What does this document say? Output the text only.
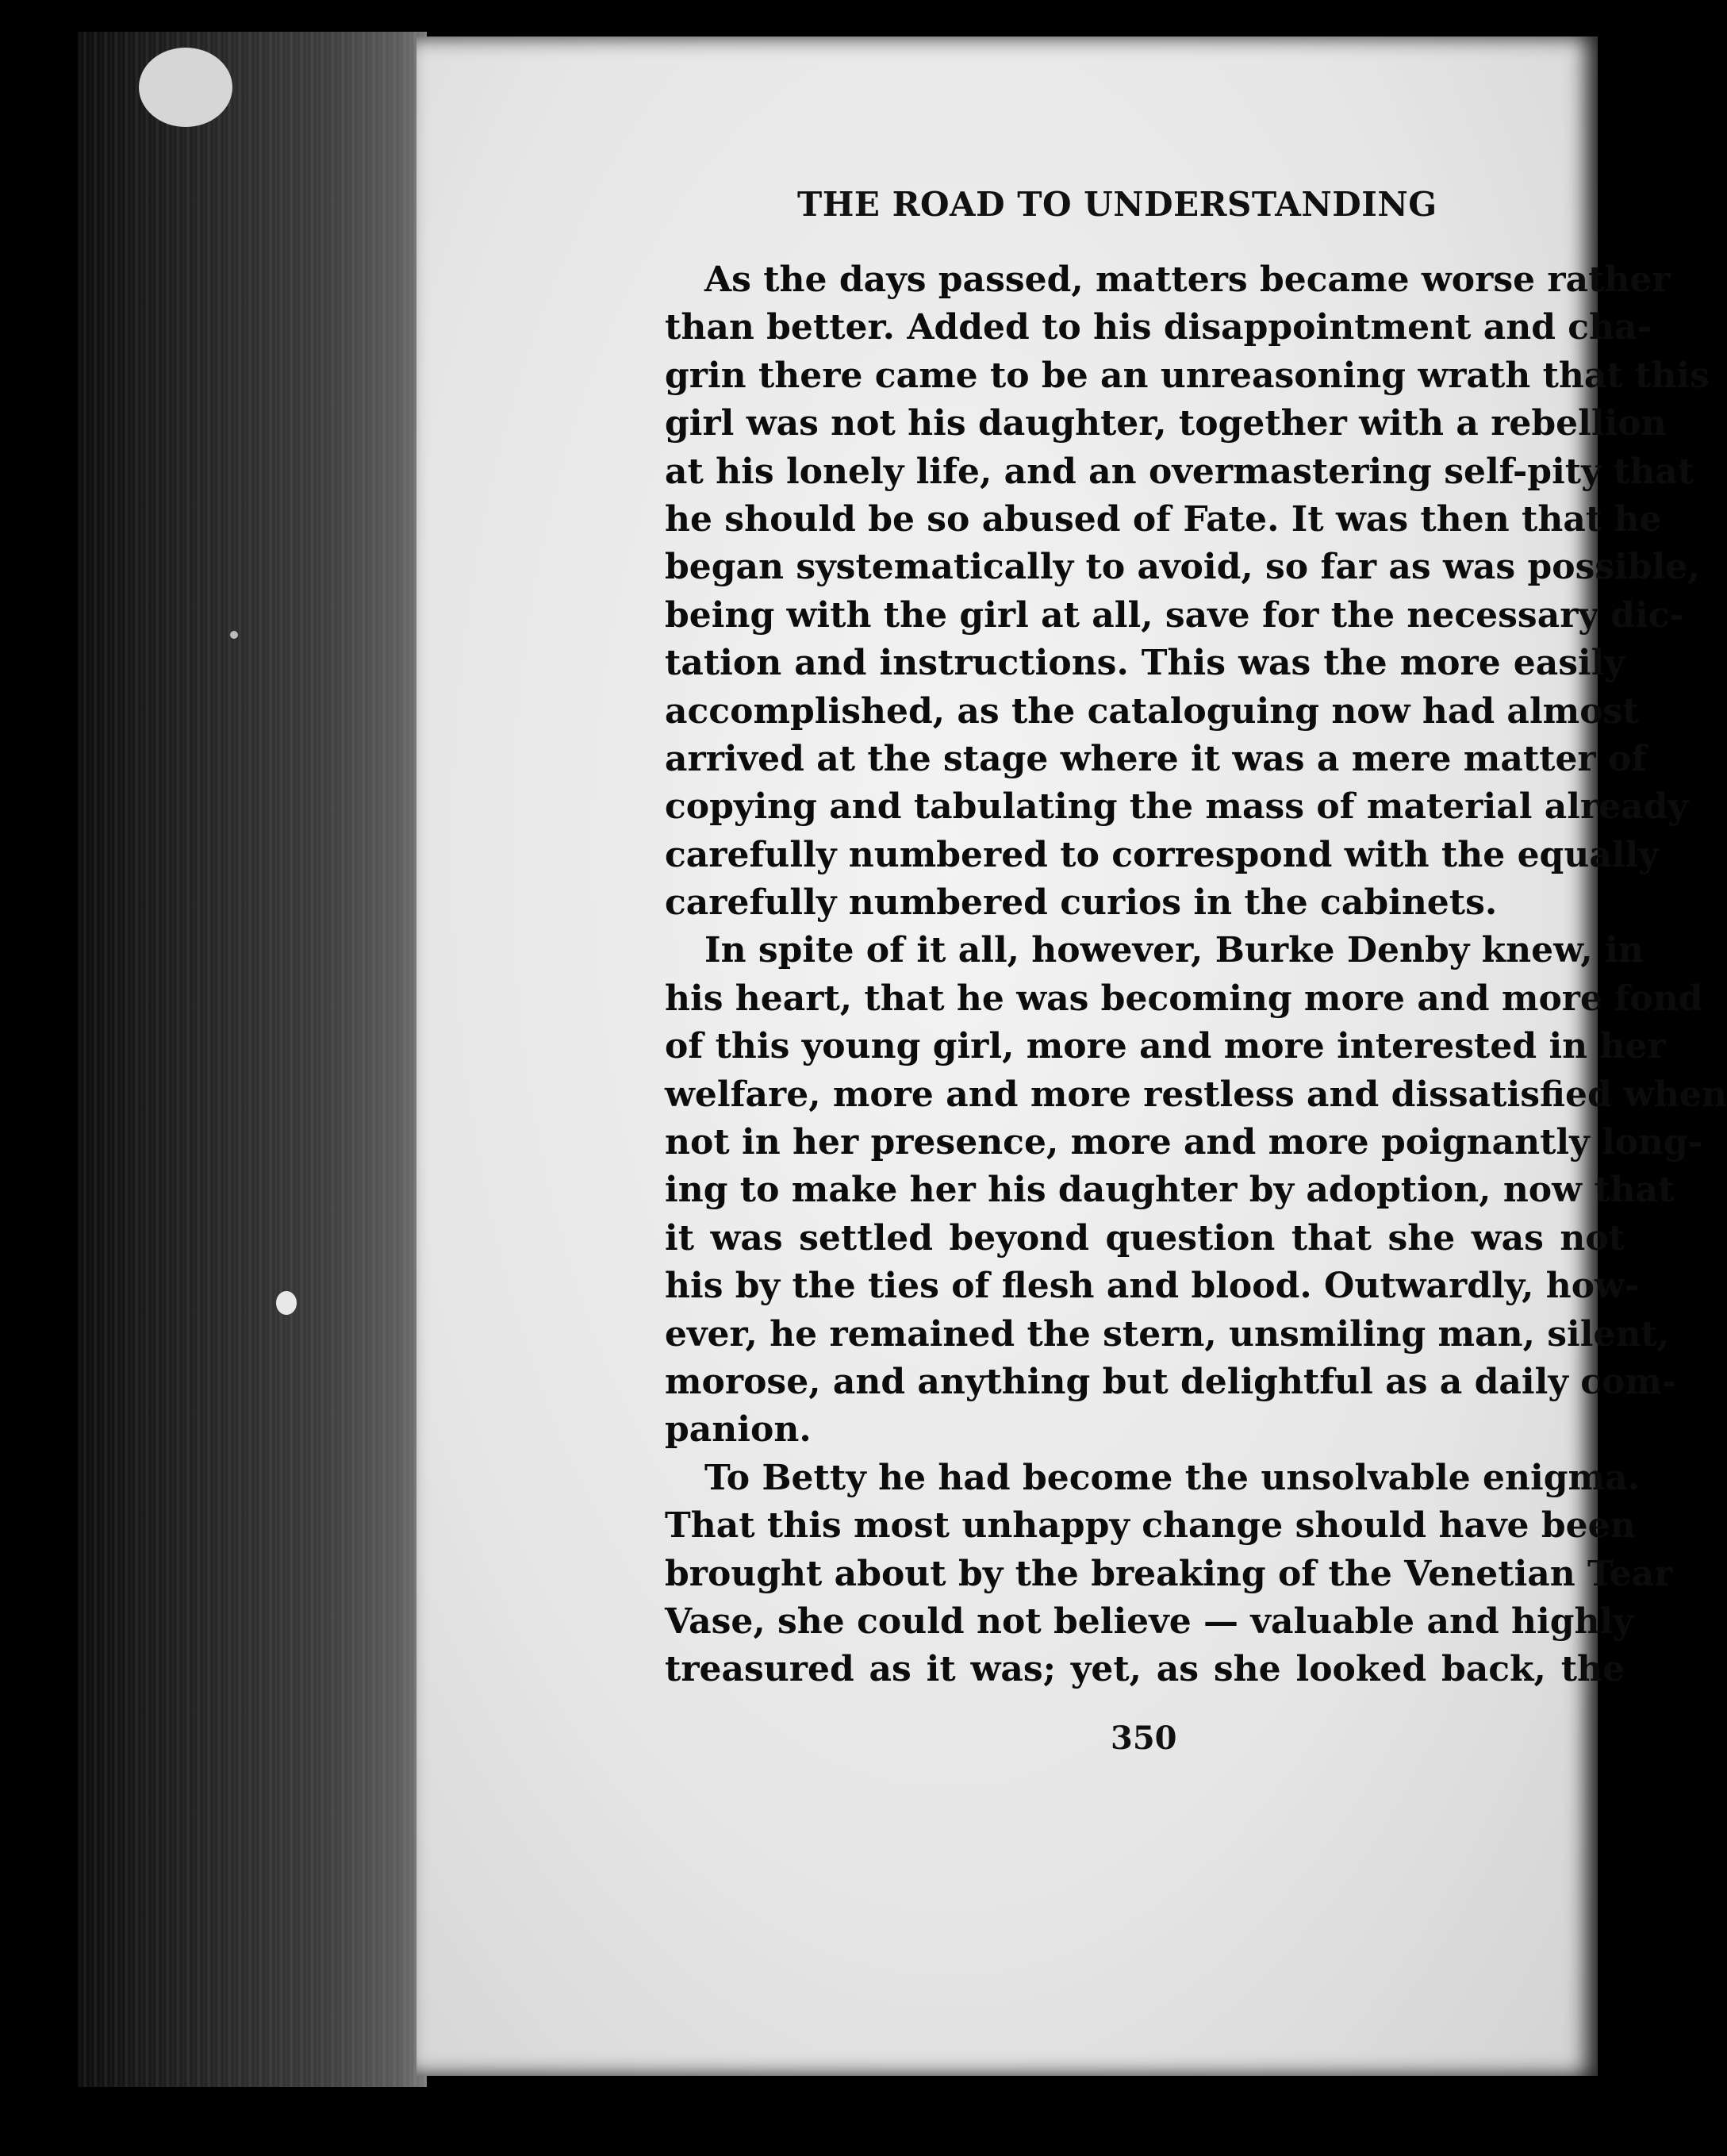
THE ROAD TO UNDERSTANDING
As the days passed, matters became worse rather
than better. Added to his disappointment and cha-
grin there came to be an unreasoning wrath that this
girl was not his daughter, together with a rebellion
at his lonely life, and an overmastering self-pity that
he should be so abused of Fate. It was then that he
began systematically to avoid, so far as was possible,
being with the girl at all, save for the necessary dic-
tation and instructions. This was the more easily
accomplished, as the cataloguing now had almost
arrived at the stage where it was a mere matter of
copying and tabulating the mass of material already
carefully numbered to correspond with the equally
carefully numbered curios in the cabinets.
In spite of it all, however, Burke Denby knew, in
his heart, that he was becoming more and more fond
of this young girl, more and more interested in her
welfare, more and more restless and dissatisfied when
not in her presence, more and more poignantly long-
ing to make her his daughter by adoption, now that
it was settled beyond question that she was not
his by the ties of flesh and blood. Outwardly, how-
ever, he remained the stern, unsmiling man, silent,
morose, and anything but delightful as a daily com-
panion.
To Betty he had become the unsolvable enigma.
That this most unhappy change should have been
brought about by the breaking of the Venetian Tear
Vase, she could not believe — valuable and highly
treasured as it was; yet, as she looked back, the

350
